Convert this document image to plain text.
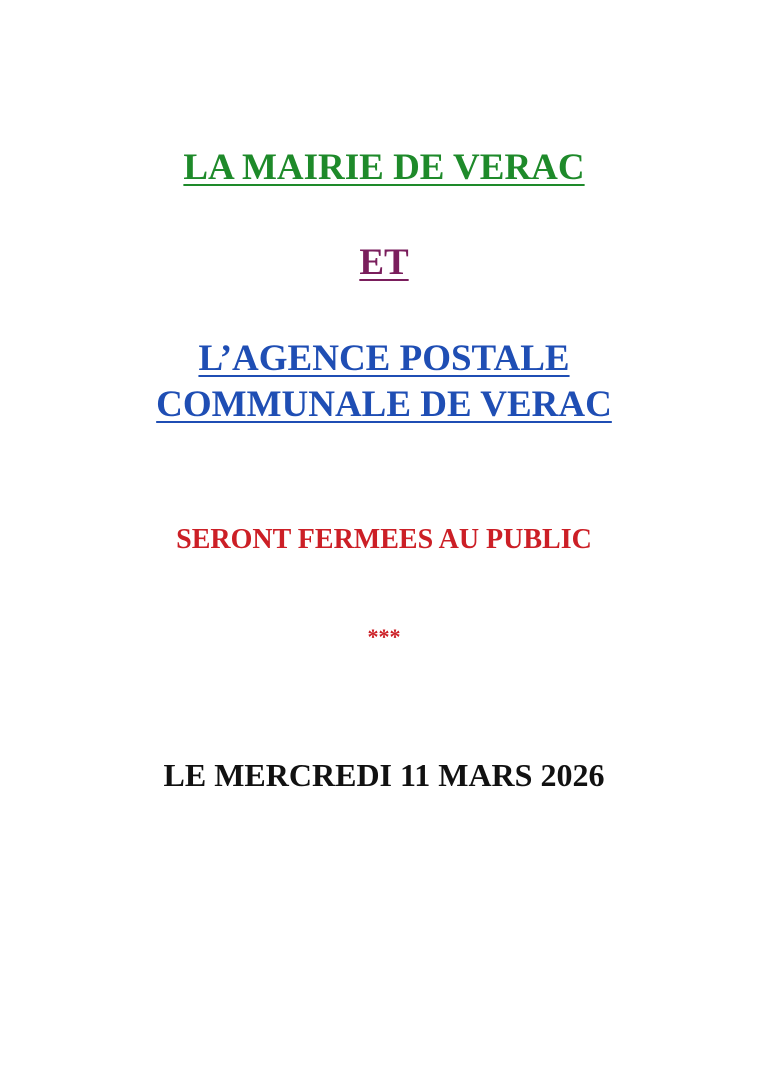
LA MAIRIE DE VERAC

ET

L’AGENCE POSTALE

COMMUNALE DE VERAC

SERONT FERMEES AU PUBLIC

***

LE MERCREDI 11 MARS 2026
